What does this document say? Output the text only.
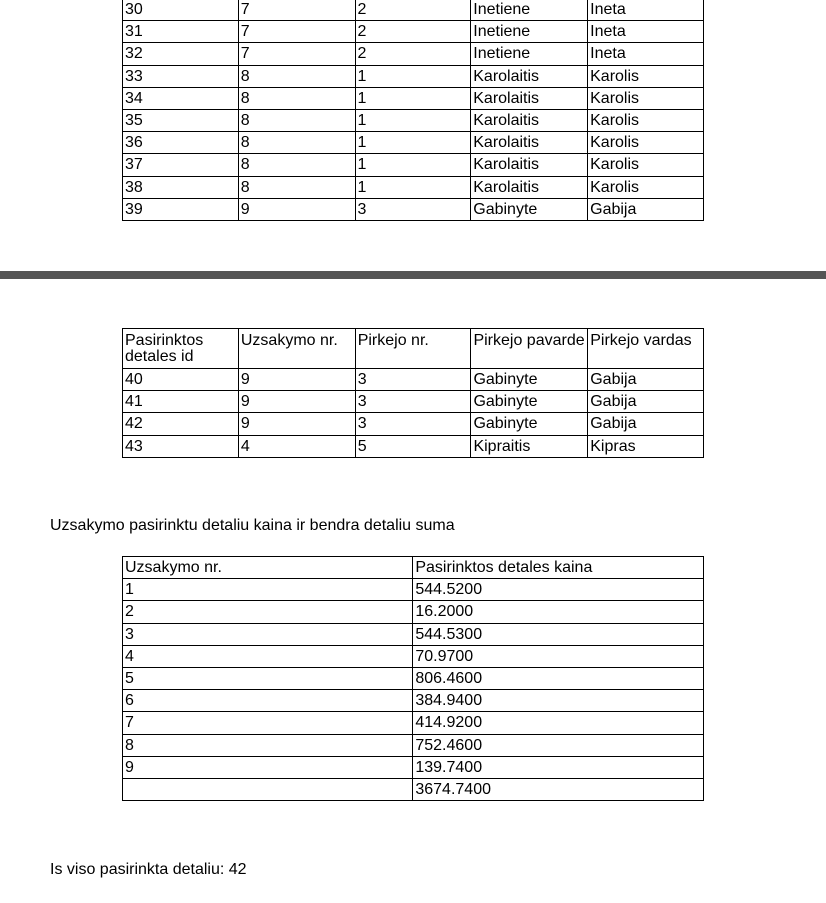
30	7	2	Inetiene	Ineta
31	7	2	Inetiene	Ineta
32	7	2	Inetiene	Ineta
33	8	1	Karolaitis	Karolis
34	8	1	Karolaitis	Karolis
35	8	1	Karolaitis	Karolis
36	8	1	Karolaitis	Karolis
37	8	1	Karolaitis	Karolis
38	8	1	Karolaitis	Karolis
39	9	3	Gabinyte	Gabija
Pasirinktos detales id	Uzsakymo nr.	Pirkejo nr.	Pirkejo pavarde	Pirkejo vardas
40	9	3	Gabinyte	Gabija
41	9	3	Gabinyte	Gabija
42	9	3	Gabinyte	Gabija
43	4	5	Kipraitis	Kipras

Uzsakymo pasirinktu detaliu kaina ir bendra detaliu suma

Uzsakymo nr.	Pasirinktos detales kaina
1	544.5200
2	16.2000
3	544.5300
4	70.9700
5	806.4600
6	384.9400
7	414.9200
8	752.4600
9	139.7400
	3674.7400

Is viso pasirinkta detaliu: 42
